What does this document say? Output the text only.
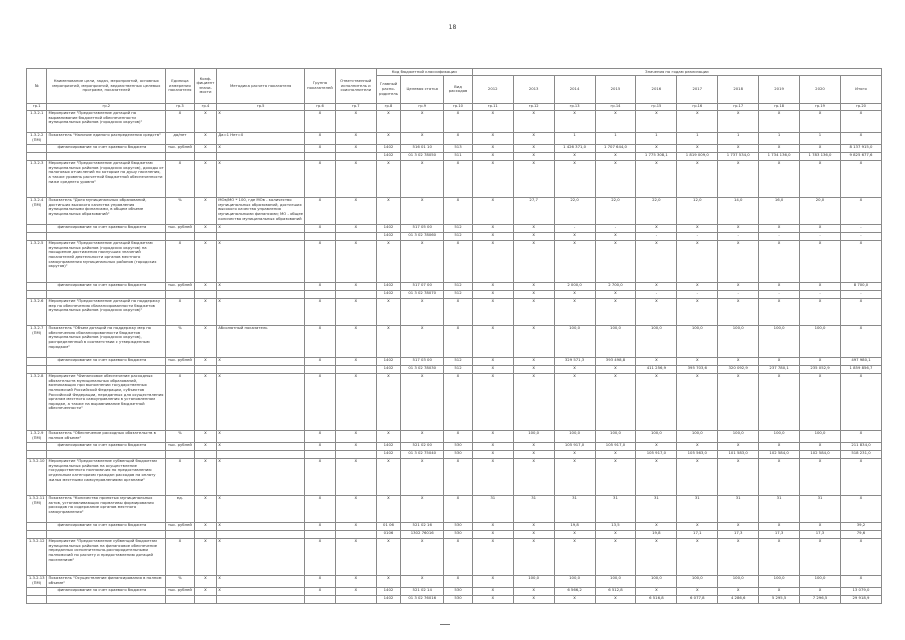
18
№	Наименование цели, задач, мероприятий, основных мероприятий, мероприятий, ведомственных целевых программ, показателей	Единица измерения показателя	Коэф-фициент значи-мости	Методика расчета показателя	Группа показателей	Ответственный исполнитель и соисполнители	Код бюджетной классификации			Значения по годам реализации									
							Главный распо-рядитель	Целевая статья	Вид расходов	2012	2013	2014	2015	2016	2017	2018	2019	2020	Итого
гр.1	гр.2	гр.3	гр.4	гр.5	гр.6	гр.7	гр.8	гр.9	гр.10	гр.11	гр.12	гр.13	гр.14	гр.15	гр.16	гр.17	гр.18	гр.19	гр.20
1.3.2.1	Мероприятие "Предоставление дотаций на выравнивание бюджетной обеспеченности муниципальных районов (городских округов)"	X	X	X	X	X	X	X	X	X	X	X	X	X	X	X	X	X	X
1.3.2.2 (ПМ)	Показатель "Наличие единого распределения средств"	да/нет	X	Да=1 Нет=0	X	X	X	X	X	X	X	1	1	1	1	1	1	1	X
	финансирование за счет краевого бюджета	тыс. рублей	X	X	X	X	1402	516 01 10	513	X	X	1 426 371,0	1 707 644,0	X	X	X	X	X	8 137 915,0
							1402	01 3 02 78050	511	X	X	X	X	1 775 308,1	1 819 009,0	1 737 534,0	1 734 136,0	1 783 136,0	9 825 677,6
1.3.2.3	Мероприятие "Предоставление дотаций бюджетам муниципальных районов (городских округов), доходы от налоговых отчислений по которым на душу населения, а также уровень расчетной бюджетной обеспеченности ниже среднего уровня"	X	X	X	X	X	X	X	X	X	X	X	X	X	X	X	X	X	X
1.3.2.4 (ПМ)	Показатель "Доля муниципальных образований, достигших высокого качества управления муниципальными финансами, в общем объеме муниципальных образований"	%	X	МОв/МО * 100, где МОв - количество муниципальных образований, достигших высокого качества управления муниципальными финансами; МО - общее количество муниципальных образований	X	X	X	X	X	X	27,7	22,0	22,0	22,0	12,0	14,0	16,0	20,0	X
	финансирование за счет краевого бюджета	тыс. рублей	X	X	X	X	1402	517 05 00	512	X	X	-	-	X	X	X	X	X	-
							1402	01 3 02 78060	512	X	X	X	X	-	-	-	-	-	-
1.3.2.5	Мероприятие "Предоставление дотаций бюджетам муниципальных районов (городских округов) на поощрение достижения наилучших значений показателей деятельности органов местного самоуправления муниципальных районов (городских округов)"	X	X	X	X	X	X	X	X	X	X	X	X	X	X	X	X	X	X
	финансирование за счет краевого бюджета	тыс. рублей	X	X	X	X	1402	517 07 00	512	X	X	2 000,0	2 700,0	X	X	X	X	X	8 700,0
							1402	01 3 02 78070	512	X	X	X	X	-	-	-	-	-	-
1.3.2.6	Мероприятие "Предоставление дотаций на поддержку мер по обеспечению сбалансированности бюджетов муниципальных районов (городских округов)"	X	X	X	X	X	X	X	X	X	X	X	X	X	X	X	X	X	X
1.3.2.7 (ПМ)	Показатель "Объем дотаций на поддержку мер по обеспечению сбалансированности бюджетов муниципальных районов (городских округов), распределенный в соответствии с утвержденным порядком"	%	X	Абсолютный показатель	X	X	X	X	X	X	X	100,0	100,0	100,0	100,0	100,0	100,0	100,0	X
	финансирование за счет краевого бюджета	тыс. рублей	X	X	X	X	1402	517 03 00	512	X	X	329 571,3	393 498,8	X	X	X	X	X	497 980,1
							1402	01 3 02 78030	512	X	X	X	X	411 256,9	395 703,6	320 092,9	237 780,1	235 052,9	1 859 856,7
1.3.2.8	Мероприятие "Финансовое обеспечение расходных обязательств муниципальных образований, возникающих при выполнении государственных полномочий Российской Федерации, субъектов Российской Федерации, переданных для осуществления органам местного самоуправления в установленном порядке, а также на выравнивание бюджетной обеспеченности"	X	X	X	X	X	X	X	X	X	X	X	X	X	X	X	X	X	X
1.3.2.9 (ПМ)	Показатель "Обеспечение расходных обязательств в полном объеме"	%	X	X	X	X	X	X	X	X	100,0	100,0	100,0	100,0	100,0	100,0	100,0	100,0	X
	финансирование за счет краевого бюджета	тыс. рублей	X	X	X	X	1402	521 02 00	530	X	X	105 917,0	105 917,0	X	X	X	X	X	211 834,0
							1402	01 3 02 75040	530	X	X	X	X	105 917,0	105 563,0	101 583,0	102 584,0	102 584,0	518 231,0
1.3.2.10	Мероприятие "Предоставление субвенций бюджетам муниципальных районов на осуществление государственного полномочия по предоставлению отдельным категориям граждан расходов на оплату жилья местными самоуправлениями органами"	X	X	X	X	X	X	X	X	X	X	X	X	X	X	X	X	X	X
1.3.2.11 (ПМ)	Показатель "Количество принятых муниципальных актов, устанавливающих нормативы формирования расходов на содержание органов местного самоуправления"	ед.	X	X	X	X	X	X	X	31	31	31	31	31	31	31	31	31	X
	финансирование за счет краевого бюджета	тыс. рублей	X	X	X	X	01 06	521 02 16	530	X	X	19,8	13,5	X	X	X	X	X	39,2
							0106	1302 76016	530	X	X	X	X	19,8	17,1	17,3	17,3	17,3	79,6
1.3.2.12	Мероприятие "Предоставление субвенций бюджетам муниципальных районов на финансовое обеспечение переданных исполнительно-распорядительными полномочий по расчету и предоставлению дотаций поселениям"	X	X	X	X	X	X	X	X	X	X	X	X	X	X	X	X	X	X
1.3.2.13 (ПМ)	Показатель "Осуществление финансирования в полном объеме"	%	X	X	X	X	X	X	X	X	100,0	100,0	100,0	100,0	100,0	100,0	100,0	100,0	X
	финансирование за счет краевого бюджета	тыс. рублей	X	X	X	X	1402	521 02 14	530	X	X	6 566,2	6 512,8	X	X	X	X	X	13 079,0
							1402	01 3 02 76016	530	X	X	X	X	6 516,8	6 077,8	4 286,6	5 295,5	7 296,5	29 918,9
